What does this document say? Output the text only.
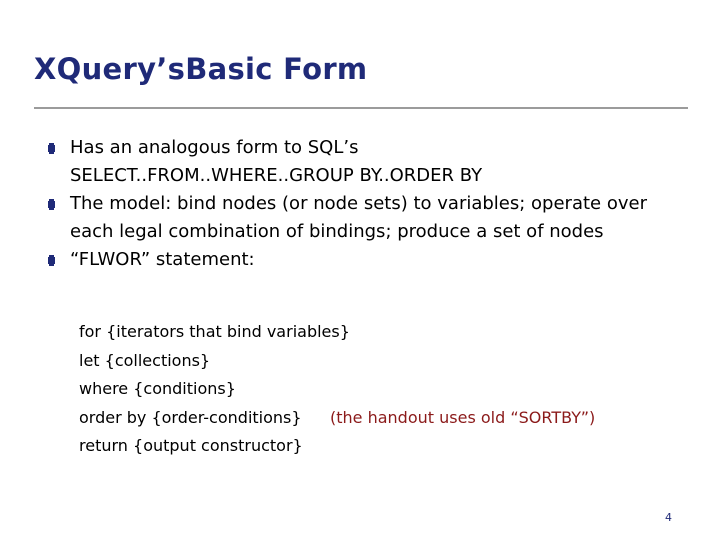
XQuery’sBasic Form
Has an analogous form to SQL’s
SELECT..FROM..WHERE..GROUP BY..ORDER BY
The model: bind nodes (or node sets) to variables; operate over each legal combination of bindings; produce a set of nodes
“FLWOR” statement:
for {iterators that bind variables}
let {collections}
where {conditions}
order by {order-conditions} (the handout uses old “SORTBY”)
return {output constructor}
4
